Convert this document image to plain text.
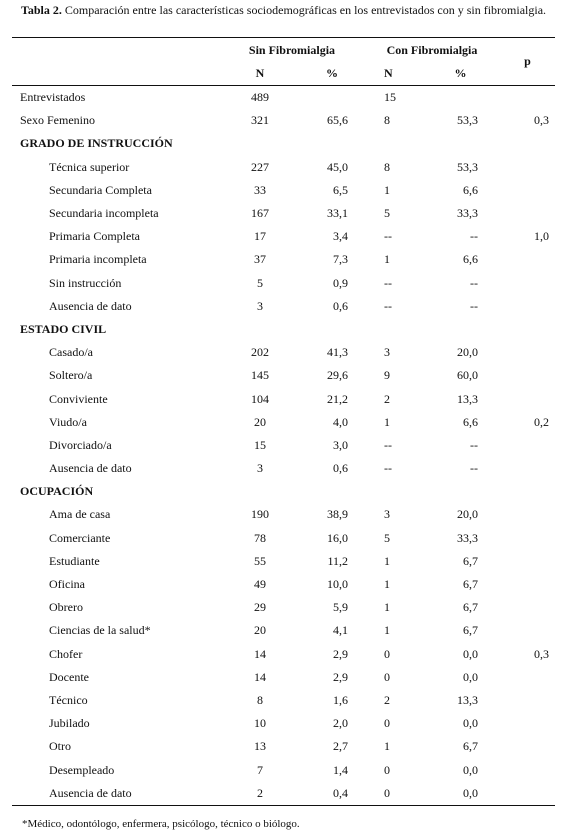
Tabla 2. Comparación entre las características sociodemográficas en los entrevistados con y sin fibromialgia.
	Sin Fibromialgia		Con Fibromialgia		p
	N	%	N	%	
Entrevistados	489		15		
Sexo Femenino	321	65,6	8	53,3	0,3
GRADO DE INSTRUCCIÓN					
Técnica superior	227	45,0	8	53,3	
Secundaria Completa	33	6,5	1	6,6	
Secundaria incompleta	167	33,1	5	33,3	
Primaria Completa	17	3,4	--	--	1,0
Primaria incompleta	37	7,3	1	6,6	
Sin instrucción	5	0,9	--	--	
Ausencia de dato	3	0,6	--	--	
ESTADO CIVIL					
Casado/a	202	41,3	3	20,0	
Soltero/a	145	29,6	9	60,0	
Conviviente	104	21,2	2	13,3	
Viudo/a	20	4,0	1	6,6	0,2
Divorciado/a	15	3,0	--	--	
Ausencia de dato	3	0,6	--	--	
OCUPACIÓN					
Ama de casa	190	38,9	3	20,0	
Comerciante	78	16,0	5	33,3	
Estudiante	55	11,2	1	6,7	
Oficina	49	10,0	1	6,7	
Obrero	29	5,9	1	6,7	
Ciencias de la salud*	20	4,1	1	6,7	
Chofer	14	2,9	0	0,0	0,3
Docente	14	2,9	0	0,0	
Técnico	8	1,6	2	13,3	
Jubilado	10	2,0	0	0,0	
Otro	13	2,7	1	6,7	
Desempleado	7	1,4	0	0,0	
Ausencia de dato	2	0,4	0	0,0	
*Médico, odontólogo, enfermera, psicólogo, técnico o biólogo.
